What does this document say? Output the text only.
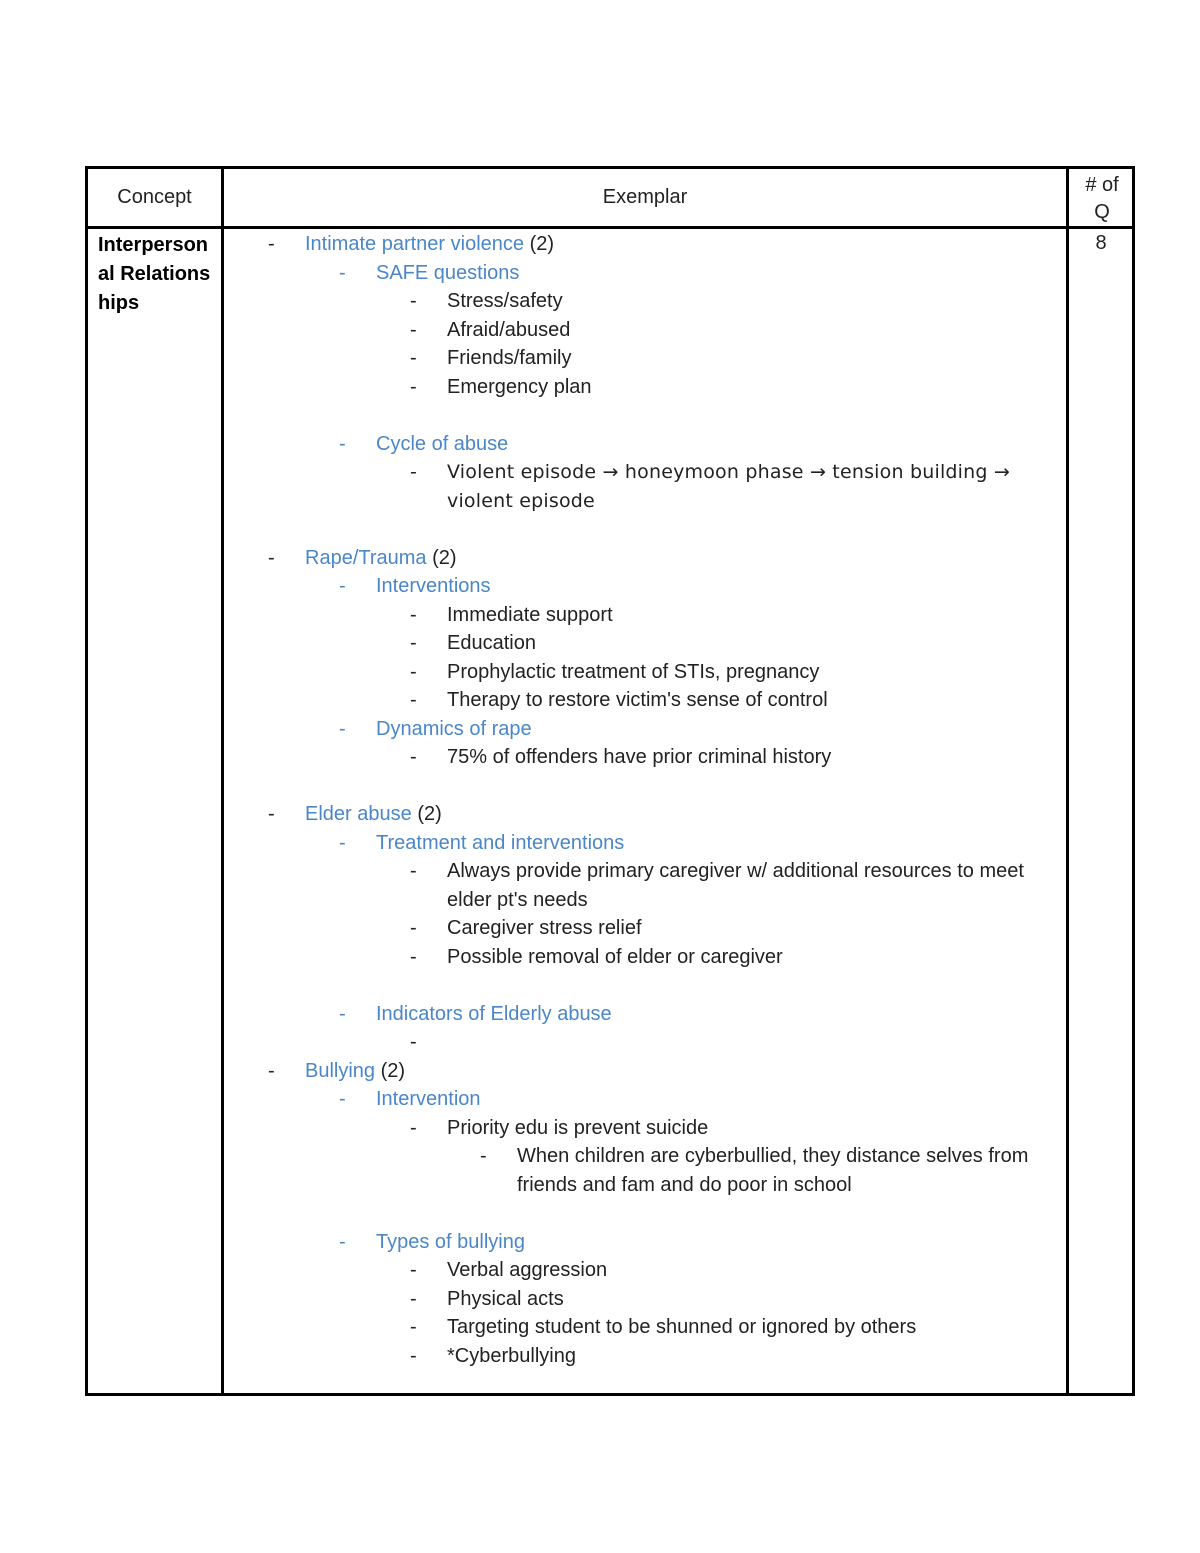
Concept	Exemplar
# of
Q
Interpersonal Relationships
8
- Intimate partner violence (2)
- SAFE questions
- Stress/safety
- Afraid/abused
- Friends/family
- Emergency plan
- Cycle of abuse
- Violent episode → honeymoon phase → tension building → violent episode
- Rape/Trauma (2)
- Interventions
- Immediate support
- Education
- Prophylactic treatment of STIs, pregnancy
- Therapy to restore victim's sense of control
- Dynamics of rape
- 75% of offenders have prior criminal history
- Elder abuse (2)
- Treatment and interventions
- Always provide primary caregiver w/ additional resources to meet elder pt's needs
- Caregiver stress relief
- Possible removal of elder or caregiver
- Indicators of Elderly abuse
-
- Bullying (2)
- Intervention
- Priority edu is prevent suicide
- When children are cyberbullied, they distance selves from friends and fam and do poor in school
- Types of bullying
- Verbal aggression
- Physical acts
- Targeting student to be shunned or ignored by others
- *Cyberbullying
